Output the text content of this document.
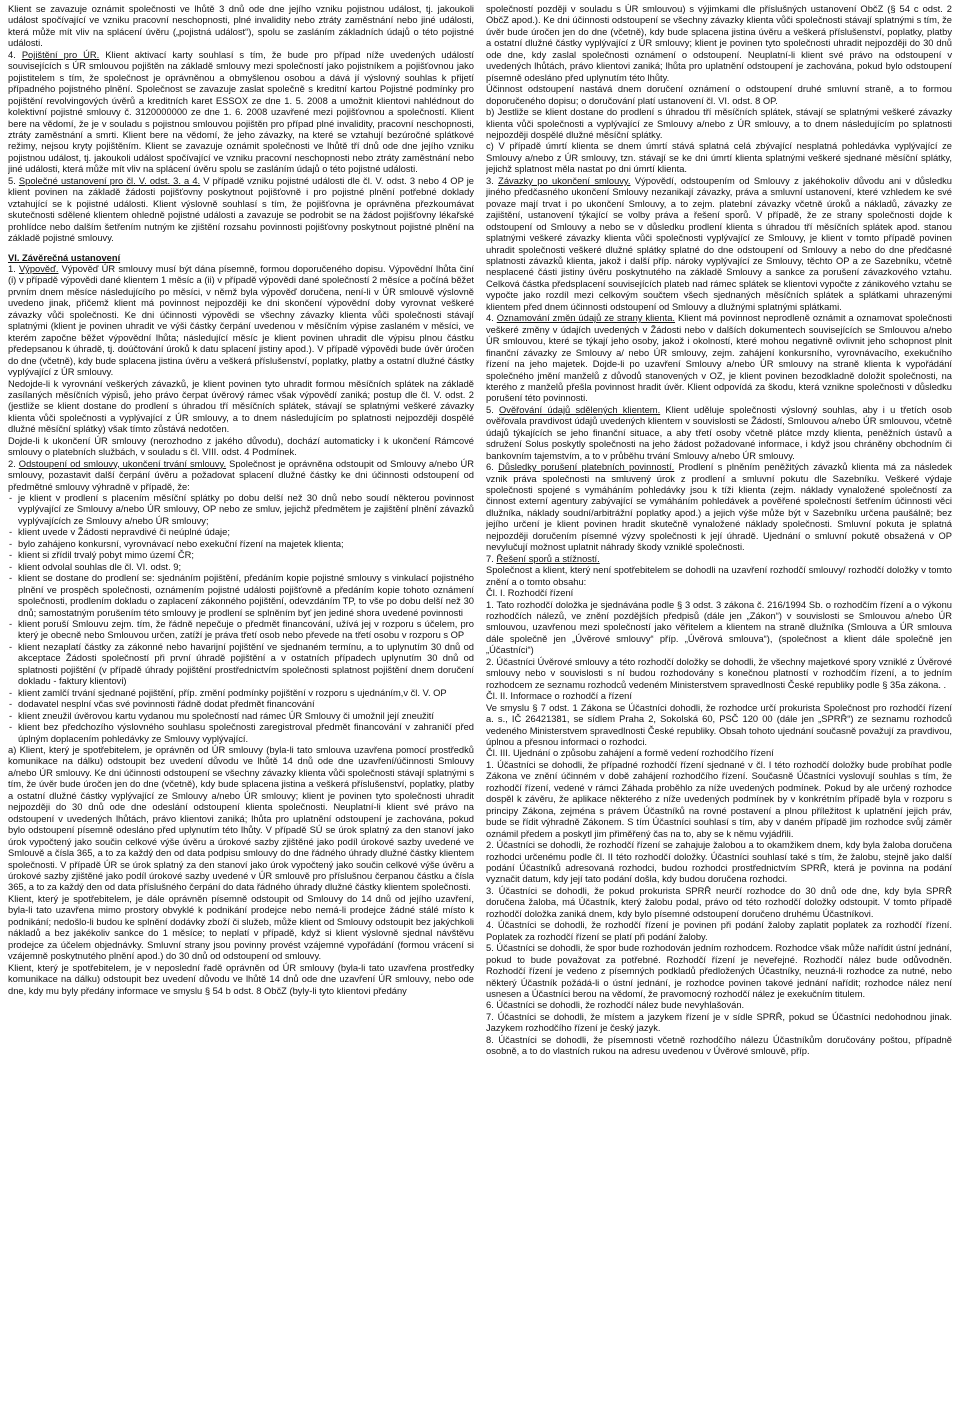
Klient se zavazuje oznámit společnosti ve lhůtě 3 dnů ode dne jejího vzniku pojistnou událost, tj. jakoukoli událost spočívající ve vzniku pracovní neschopnosti, plné invalidity nebo ztráty zaměstnání nebo jiné události, která může mít vliv na splácení úvěru („pojistná událost“), spolu se zasláním základních údajů o této pojistné události.

4. Pojištění pro ÚR. Klient aktivací karty souhlasí s tím, že bude pro případ níže uvedených událostí souvisejících s ÚR smlouvou pojištěn na základě smlouvy mezi společností jako pojistníkem a pojišťovnou jako pojistitelem s tím, že společnost je oprávněnou a obmyšlenou osobou a dává jí výslovný souhlas k přijetí případného pojistného plnění. Společnost se zavazuje zaslat společně s kreditní kartou Pojistné podmínky pro pojištění revolvingových úvěrů a kreditních karet ESSOX ze dne 1. 5. 2008 a umožnit klientovi nahlédnout do kolektivní pojistné smlouvy č. 3120000000 ze dne 1. 6. 2008 uzavřené mezi pojišťovnou a společností. Klient bere na vědomí, že je v souladu s pojistnou smlouvou pojištěn pro případ plné invalidity, pracovní neschopnosti, ztráty zaměstnání a smrti. Klient bere na vědomí, že jeho závazky, na které se vztahují bezúročné splátkové režimy, nejsou kryty pojištěním. Klient se zavazuje oznámit společnosti ve lhůtě tří dnů ode dne jejího vzniku pojistnou událost, tj. jakoukoli událost spočívající ve vzniku pracovní neschopnosti nebo ztráty zaměstnání nebo jiné události, která může mít vliv na splácení úvěru spolu se zasláním údajů o této pojistné události.

5. Společné ustanovení pro čl. V. odst. 3. a 4. V případě vzniku pojistné události dle čl. V. odst. 3 nebo 4 OP je klient povinen na základě žádosti pojišťovny poskytnout pojišťovně i pro pojistné plnění potřebné doklady vztahující se k pojistné události. Klient výslovně souhlasí s tím, že pojišťovna je oprávněna přezkoumávat skutečnosti sdělené klientem ohledně pojistné události a zavazuje se podrobit se na žádost pojišťovny lékařské prohlídce nebo dalším šetřením nutným ke zjištění rozsahu povinnosti pojišťovny poskytnout pojistné plnění na základě pojistné smlouvy.

VI. Závěrečná ustanovení

1. Výpověď. Výpověď ÚR smlouvy musí být dána písemně, formou doporučeného dopisu. Výpovědní lhůta činí (i) v případě výpovědi dané klientem 1 měsíc a (ii) v případě výpovědi dané společností 2 měsíce a počíná běžet prvním dnem měsíce následujícího po měsíci, v němž byla výpověď doručena, není-li v ÚR smlouvě výslovně uvedeno jinak, přičemž klient má povinnost nejpozději ke dni skončení výpovědní doby vyrovnat veškeré závazky vůči společnosti. Ke dni účinnosti výpovědi se všechny závazky klienta vůči společnosti stávají splatnými (klient je povinen uhradit ve výši částky čerpání uvedenou v měsíčním výpise zaslaném v měsíci, ve kterém započne běžet výpovědní lhůta; následující měsíc je klient povinen uhradit dle výpisu plnou částku předepsanou k úhradě, tj. doúčtování úroků k datu splacení jistiny apod.). V případě výpovědi bude úvěr úročen do dne (včetně), kdy bude splacena jistina úvěru a veškerá příslušenství, poplatky, platby a ostatní dlužné částky vyplývající z ÚR smlouvy.

Nedojde-li k vyrovnání veškerých závazků, je klient povinen tyto uhradit formou měsíčních splátek na základě zasílaných měsíčních výpisů, jeho právo čerpat úvěrový rámec však výpovědí zaniká; postup dle čl. V. odst. 2 (jestliže se klient dostane do prodlení s úhradou tří měsíčních splátek, stávají se splatnými veškeré závazky klienta vůči společnosti a vyplývající z ÚR smlouvy, a to dnem následujícím po splatnosti nejpozději dospělé dlužné měsíční splátky) však tímto zůstává nedotčen.

Dojde-li k ukončení ÚR smlouvy (nerozhodno z jakého důvodu), dochází automaticky i k ukončení Rámcové smlouvy o platebních službách, v souladu s čl. VIII. odst. 4 Podmínek.

2. Odstoupení od smlouvy, ukončení trvání smlouvy. Společnost je oprávněna odstoupit od Smlouvy a/nebo ÚR smlouvy, pozastavit další čerpání úvěru a požadovat splacení dlužné částky ke dni účinnosti odstoupení od předmětné smlouvy výhradně v případě, že:

- je klient v prodlení s placením měsíční splátky po dobu delší než 30 dnů nebo soudí některou povinnost vyplývající ze Smlouvy a/nebo ÚR smlouvy, OP nebo ze smluv, jejichž předmětem je zajištění plnění závazků vyplývajících ze Smlouvy a/nebo ÚR smlouvy;
- klient uvede v Žádosti nepravdivé či neúplné údaje;
- bylo zahájeno konkursní, vyrovnávací nebo exekuční řízení na majetek klienta;
- klient si zřídil trvalý pobyt mimo území ČR;
- klient odvolal souhlas dle čl. VI. odst. 9;
- klient se dostane do prodlení se: sjednáním pojištění, předáním kopie pojistné smlouvy s vinkulací pojistného plnění ve prospěch společnosti, oznámením pojistné události pojišťovně a předáním kopie tohoto oznámení společnosti, prodlením dokladu o zaplacení zákonného pojištění, odevzdáním TP, to vše po dobu delší než 30 dnů; samostatným porušením této smlouvy je prodlení se splněním byť jen jediné shora uvedené povinnosti
- klient poruší Smlouvu zejm. tím, že řádně nepečuje o předmět financování, užívá jej v rozporu s účelem, pro který je obecně nebo Smlouvou určen, zatíží je práva třetí osob nebo převede na třetí osobu v rozporu s OP
- klient nezaplatí částky za zákonné nebo havarijní pojištění ve sjednaném termínu, a to uplynutím 30 dnů od akceptace Žádosti společností při první úhradě pojištění a v ostatních případech uplynutím 30 dnů od splatnosti pojištění (v případě úhrady pojištění prostřednictvím společnosti splatnost pojištění dnem doručení dokladu - faktury klientovi)
- klient zamlčí trvání sjednané pojištění, příp. změní podmínky pojištění v rozporu s ujednáním,v čl. V. OP
- dodavatel nesplní včas své povinnosti řádně dodat předmět financování
- klient zneužil úvěrovou kartu vydanou mu společností nad rámec ÚR Smlouvy či umožnil její zneužití
- klient bez předchozího výslovného souhlasu společnosti zaregistroval předmět financování v zahraničí před úplným doplacením pohledávky ze Smlouvy vyplývající.

a) Klient, který je spotřebitelem, je oprávněn od ÚR smlouvy (byla-li tato smlouva uzavřena pomocí prostředků komunikace na dálku) odstoupit bez uvedení důvodu ve lhůtě 14 dnů ode dne uzavření/účinnosti Smlouvy a/nebo ÚR smlouvy. Ke dni účinnosti odstoupení se všechny závazky klienta vůči společnosti stávají splatnými s tím, že úvěr bude úročen jen do dne (včetně), kdy bude splacena jistina a veškerá příslušenství, poplatky, platby a ostatní dlužné částky vyplývající ze Smlouvy a/nebo ÚR smlouvy; klient je povinen tyto společnosti uhradit nejpozději do 30 dnů ode dne odeslání odstoupení klienta společnosti. Neuplatní-li klient své právo na odstoupení v uvedených lhůtách, právo klientovi zaniká; lhůta pro uplatnění odstoupení je zachována, pokud bylo odstoupení písemně odesláno před uplynutím této lhůty. V případě SÚ se úrok splatný za den stanoví jako úrok vypočtený jako součin celkové výše úvěru a úrokové sazby zjištěné jako podíl úrokové sazby uvedené ve Smlouvě a čísla 365, a to za každý den od data podpisu smlouvy do dne řádného úhrady dlužné částky klientem společnosti. V případě ÚR se úrok splatný za den stanoví jako úrok vypočtený jako součin celkové výše úvěru a úrokové sazby zjištěné jako podíl úrokové sazby uvedené v ÚR smlouvě pro příslušnou čerpanou částku a čísla 365, a to za každý den od data příslušného čerpání do data řádného úhrady dlužné částky klientem společnosti.

Klient, který je spotřebitelem, je dále oprávněn písemně odstoupit od Smlouvy do 14 dnů od jejího uzavření, byla-li tato uzavřena mimo prostory obvyklé k podnikání prodejce nebo nemá-li prodejce žádné stálé místo k podnikání; nedošlo-li budou ke splnění dodávky zboží či služeb, může klient od Smlouvy odstoupit bez jakýchkoli nákladů a bez jakékoliv sankce do 1 měsíce; to neplatí v případě, když si klient výslovně sjednal návštěvu prodejce za účelem objednávky. Smluvní strany jsou povinny provést vzájemné vypořádání (formou vrácení si vzájemně poskytnutého plnění apod.) do 30 dnů od odstoupení od smlouvy.

Klient, který je spotřebitelem, je v neposlední řadě oprávněn od ÚR smlouvy (byla-li tato uzavřena prostředky komunikace na dálku) odstoupit bez uvedení důvodu ve lhůtě 14 dnů ode dne uzavření ÚR smlouvy, nebo ode dne, kdy mu byly předány informace ve smyslu § 54 b odst. 8 ObčZ (byly-li tyto klientovi předány

společností později v souladu s ÚR smlouvou) s výjimkami dle příslušných ustanovení ObčZ (§ 54 c odst. 2 ObčZ apod.). Ke dni účinnosti odstoupení se všechny závazky klienta vůči společnosti stávají splatnými s tím, že úvěr bude úročen jen do dne (včetně), kdy bude splacena jistina úvěru a veškerá příslušenství, poplatky, platby a ostatní dlužné částky vyplývající z ÚR smlouvy; klient je povinen tyto společnosti uhradit nejpozději do 30 dnů ode dne, kdy zaslal společnosti oznámení o odstoupení. Neuplatní-li klient své právo na odstoupení v uvedených lhůtách, právo klientovi zaniká; lhůta pro uplatnění odstoupení je zachována, pokud bylo odstoupení písemně odesláno před uplynutím této lhůty.

Účinnost odstoupení nastává dnem doručení oznámení o odstoupení druhé smluvní straně, a to formou doporučeného dopisu; o doručování platí ustanovení čl. VI. odst. 8 OP.

b) Jestliže se klient dostane do prodlení s úhradou tří měsíčních splátek, stávají se splatnými veškeré závazky klienta vůči společnosti a vyplývající ze Smlouvy a/nebo z ÚR smlouvy, a to dnem následujícím po splatnosti nejpozději dospělé dlužné měsíční splátky.

c) V případě úmrtí klienta se dnem úmrtí stává splatná celá zbývající nesplatná pohledávka vyplývající ze Smlouvy a/nebo z ÚR smlouvy, tzn. stávají se ke dni úmrtí klienta splatnými veškeré sjednané měsíční splátky, jejichž splatnost měla nastat po dni úmrtí klienta.

3. Závazky po ukončení smlouvy. Výpovědí, odstoupením od Smlouvy z jakéhokoliv důvodu ani v důsledku jiného předčasného ukončení Smlouvy nezanikají závazky, práva a smluvní ustanovení, které vzhledem ke své povaze mají trvat i po ukončení Smlouvy, a to zejm. platební závazky včetně úroků a nákladů, závazky ze zajištění, ustanovení týkající se volby práva a řešení sporů. V případě, že ze strany společnosti dojde k odstoupení od Smlouvy a nebo se v důsledku prodlení klienta s úhradou tří měsíčních splátek apod. stanou splatnými veškeré závazky klienta vůči společnosti vyplývající ze Smlouvy, je klient v tomto případě povinen uhradit společnosti veškeré dlužné splátky splatné do dne odstoupení od Smlouvy a nebo do dne předčasné splatnosti závazků klienta, jakož i další příp. nároky vyplývající ze Smlouvy, těchto OP a ze Sazebníku, včetně nesplacené části jistiny úvěru poskytnutého na základě Smlouvy a sankce za porušení závazkového vztahu. Celková částka předsplacení souvisejících plateb nad rámec splátek se klientovi vypočte z zánikového vztahu se vypočte jako rozdíl mezi celkovým součtem všech sjednaných měsíčních splátek a splátkami uhrazenými klientem před dnem účinnosti odstoupení od Smlouvy a dlužnými splatnými splátkami.

4. Oznamování změn údajů ze strany klienta. Klient má povinnost neprodleně oznámit a oznamovat společnosti veškeré změny v údajích uvedených v Žádosti nebo v dalších dokumentech souvisejících se Smlouvou a/nebo ÚR smlouvou, které se týkají jeho osoby, jakož i okolností, které mohou negativně ovlivnit jeho schopnost plnit finanční závazky ze Smlouvy a/ nebo ÚR smlouvy, zejm. zahájení konkursního, vyrovnávacího, exekučního řízení na jeho majetek. Dojde-li po uzavření Smlouvy a/nebo ÚR smlouvy na straně klienta k vypořádání společného jmění manželů z důvodů stanovených v OZ, je klient povinen bezodkladně doložit společnosti, na kterého z manželů přešla povinnost hradit úvěr. Klient odpovídá za škodu, která vznikne společnosti v důsledku porušení této povinnosti.

5. Ověřování údajů sdělených klientem. Klient uděluje společnosti výslovný souhlas, aby i u třetích osob ověřovala pravdivost údajů uvedených klientem v souvislosti se Žádostí, Smlouvou a/nebo ÚR smlouvou, včetně údajů týkajících se jeho finanční situace, a aby třetí osoby včetně plátce mzdy klienta, peněžních ústavů a sdružení Solus poskytly společnosti na jeho žádost požadované informace, i když jsou chráněny obchodním či bankovním tajemstvím, a to v průběhu trvání Smlouvy a/nebo ÚR smlouvy.

6. Důsledky porušení platebních povinností. Prodlení s plněním peněžitých závazků klienta má za následek vznik práva společnosti na smluvený úrok z prodlení a smluvní pokutu dle Sazebníku. Veškeré výdaje společnosti spojené s vymáháním pohledávky jsou k tíži klienta (zejm. náklady vynaložené společností za činnost externí agentury zabývající se vymáháním pohledávek a pověřené společností šetřením účinnosti věci dlužníka, náklady soudní/arbitrážní poplatky apod.) a jejich výše může být v Sazebníku určena paušálně; bez jejího určení je klient povinen hradit skutečně vynaložené náklady společnosti. Smluvní pokuta je splatná nejpozději doručením písemné výzvy společnosti k její úhradě. Ujednání o smluvní pokutě obsažená v OP nevylučují možnost uplatnit náhrady škody vzniklé společnosti.

7. Řešení sporů a stížností.

Společnost a klient, který není spotřebitelem se dohodli na uzavření rozhodčí smlouvy/ rozhodčí doložky v tomto znění a o tomto obsahu:

Čl. I. Rozhodčí řízení

1. Tato rozhodčí doložka je sjednávána podle § 3 odst. 3 zákona č. 216/1994 Sb. o rozhodčím řízení a o výkonu rozhodčích nálezů, ve znění pozdějších předpisů (dále jen „Zákon“) v souvislosti se Smlouvou a/nebo ÚR smlouvou, uzavřenou mezi společností jako věřitelem a klientem na straně dlužníka (Smlouva a ÚR smlouva dále společně jen „Úvěrové smlouvy“ příp. „Úvěrová smlouva“), (společnost a klient dále společně jen „Účastníci“)

2. Účastníci Úvěrové smlouvy a této rozhodčí doložky se dohodli, že všechny majetkové spory vzniklé z Úvěrové smlouvy nebo v souvislosti s ní budou rozhodovány s konečnou platností v rozhodčím řízení, a to jedním rozhodcem ze seznamu rozhodců vedeném Ministerstvem spravedlnosti České republiky podle § 35a zákona. .

Čl. II. Informace o rozhodčí a řízení

Ve smyslu § 7 odst. 1 Zákona se Účastníci dohodli, že rozhodce určí prokurista Společnost pro rozhodčí řízení a. s., IČ 26421381, se sídlem Praha 2, Sokolská 60, PSČ 120 00 (dále jen „SPRŘ“) ze seznamu rozhodců vedeného Ministerstvem spravedlnosti České republiky. Obsah tohoto ujednání současně považují za pravdivou, úplnou a přesnou informaci o rozhodci.

Čl. III. Ujednání o způsobu zahájení a formě vedení rozhodčího řízení

1. Účastníci se dohodli, že případné rozhodčí řízení sjednané v čl. I této rozhodčí doložky bude probíhat podle Zákona ve znění účinném v době zahájení rozhodčího řízení. Současně Účastníci vyslovují souhlas s tím, že rozhodčí řízení, vedené v rámci Záhada proběhlo za níže uvedených podmínek. Pokud by ale určený rozhodce dospěl k závěru, že aplikace některého z níže uvedených podmínek by v konkrétním případě byla v rozporu s principy Zákona, zejména s právem Účastníků na rovné postavení a plnou příležitost k uplatnění jejich práv, bude se řídit výhradně Zákonem. S tím Účastníci souhlasí s tím, aby v daném případě jim rozhodce svůj záměr oznámil předem a poskytl jim přiměřený čas na to, aby se k němu vyjádřili.

2. Účastníci se dohodli, že rozhodčí řízení se zahajuje žalobou a to okamžikem dnem, kdy byla žaloba doručena rozhodci určenému podle čl. II této rozhodčí doložky. Účastníci souhlasí také s tím, že žalobu, stejně jako další podání Účastníků adresovaná rozhodci, budou rozhodci prostřednictvím SPRŘ, která je povinna na podání vyznačit datum, kdy její tato podání došla, kdy budou doručena rozhodci.

3. Účastníci se dohodli, že pokud prokurista SPRŘ neurčí rozhodce do 30 dnů ode dne, kdy byla SPRŘ doručena žaloba, má Účastník, který žalobu podal, právo od této rozhodčí doložky odstoupit. V tomto případě rozhodčí doložka zaniká dnem, kdy bylo písemné odstoupení doručeno druhému Účastníkovi.

4. Účastníci se dohodli, že rozhodčí řízení je povinen při podání žaloby zaplatit poplatek za rozhodčí řízení. Poplatek za rozhodčí řízení se platí při podání žaloby.

5. Účastníci se dohodli, že spor bude rozhodován jedním rozhodcem. Rozhodce však může nařídit ústní jednání, pokud to bude považovat za potřebné. Rozhodčí řízení je neveřejné. Rozhodčí nález bude odůvodněn. Rozhodčí řízení je vedeno z písemných podkladů předložených Účastníky, neuzná-li rozhodce za nutné, nebo některý Účastník požádá-li o ústní jednání, je rozhodce povinen takové jednání nařídit; rozhodce nález není usnesen a Účastníci berou na vědomí, že pravomocný rozhodčí nález je exekučním titulem.

6. Účastníci se dohodli, že rozhodčí nález bude nevyhlašován.

7. Účastníci se dohodli, že místem a jazykem řízení je v sídle SPRŘ, pokud se Účastníci nedohodnou jinak. Jazykem rozhodčího řízení je český jazyk.

8. Účastníci se dohodli, že písemnosti včetně rozhodčího nálezu Účastníkům doručovány poštou, případně osobně, a to do vlastních rukou na adresu uvedenou v Úvěrové smlouvě, příp.
